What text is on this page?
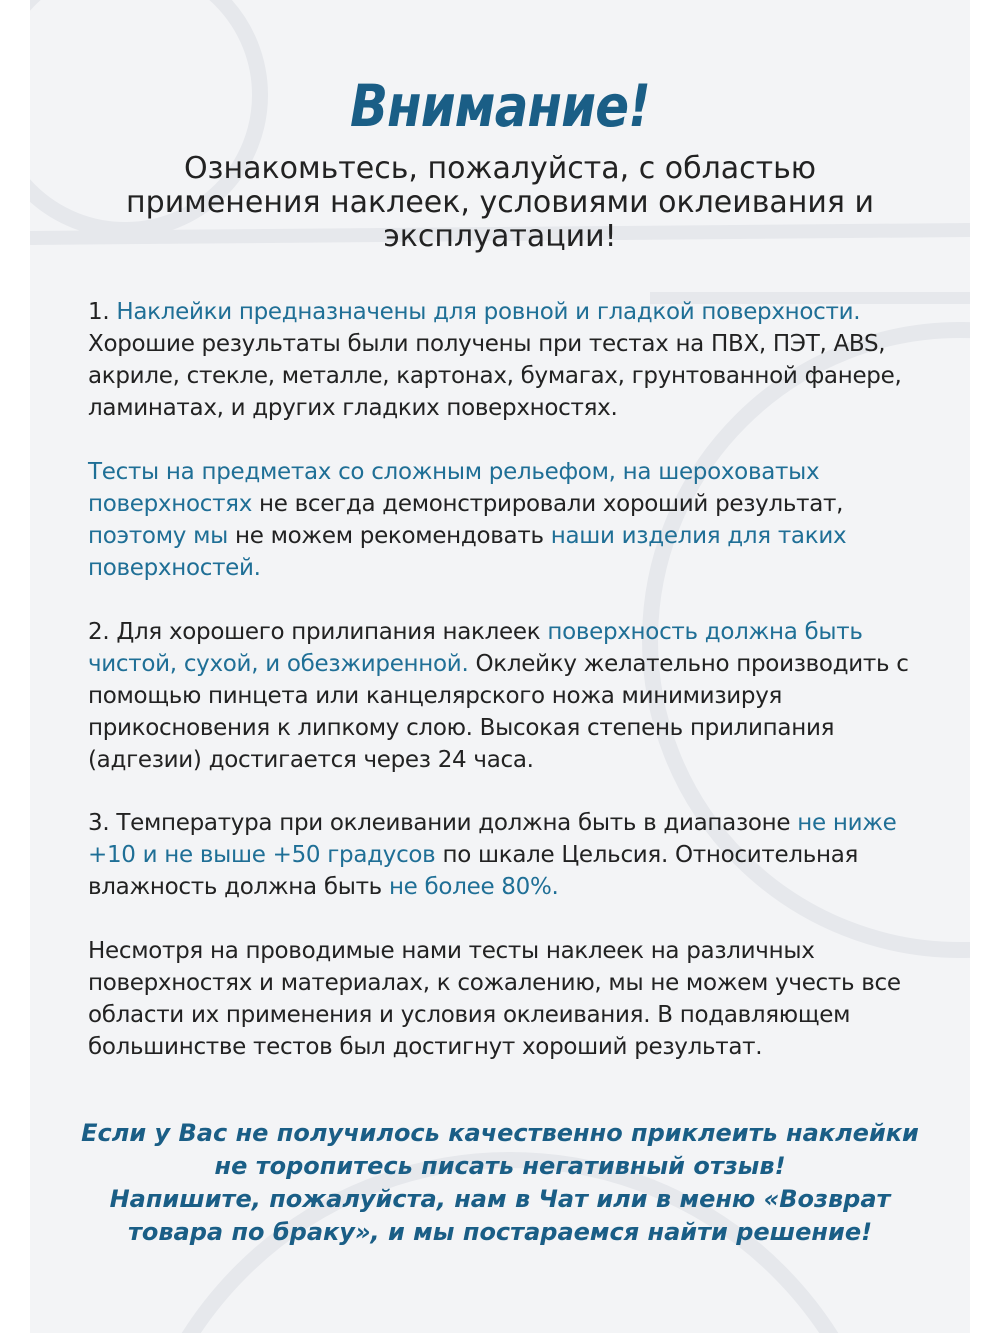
Внимание!
Ознакомьтесь, пожалуйста, с областью применения наклеек, условиями оклеивания и эксплуатации!
1. Наклейки предназначены для ровной и гладкой поверхности. Хорошие результаты были получены при тестах на ПВХ, ПЭТ, ABS, акриле, стекле, металле, картонах, бумагах, грунтованной фанере, ламинатах, и других гладких поверхностях.
Тесты на предметах со сложным рельефом, на шероховатых поверхностях не всегда демонстрировали хороший результат, поэтому мы не можем рекомендовать наши изделия для таких поверхностей.
2. Для хорошего прилипания наклеек поверхность должна быть чистой, сухой, и обезжиренной. Оклейку желательно производить с помощью пинцета или канцелярского ножа минимизируя прикосновения к липкому слою. Высокая степень прилипания (адгезии) достигается через 24 часа.
3. Температура при оклеивании должна быть в диапазоне не ниже +10 и не выше +50 градусов по шкале Цельсия. Относительная влажность должна быть не более 80%.
Несмотря на проводимые нами тесты наклеек на различных поверхностях и материалах, к сожалению, мы не можем учесть все области их применения и условия оклеивания. В подавляющем большинстве тестов был достигнут хороший результат.
Если у Вас не получилось качественно приклеить наклейки
не торопитесь писать негативный отзыв!
Напишите, пожалуйста, нам в Чат или в меню «Возврат
товара по браку», и мы постараемся найти решение!
